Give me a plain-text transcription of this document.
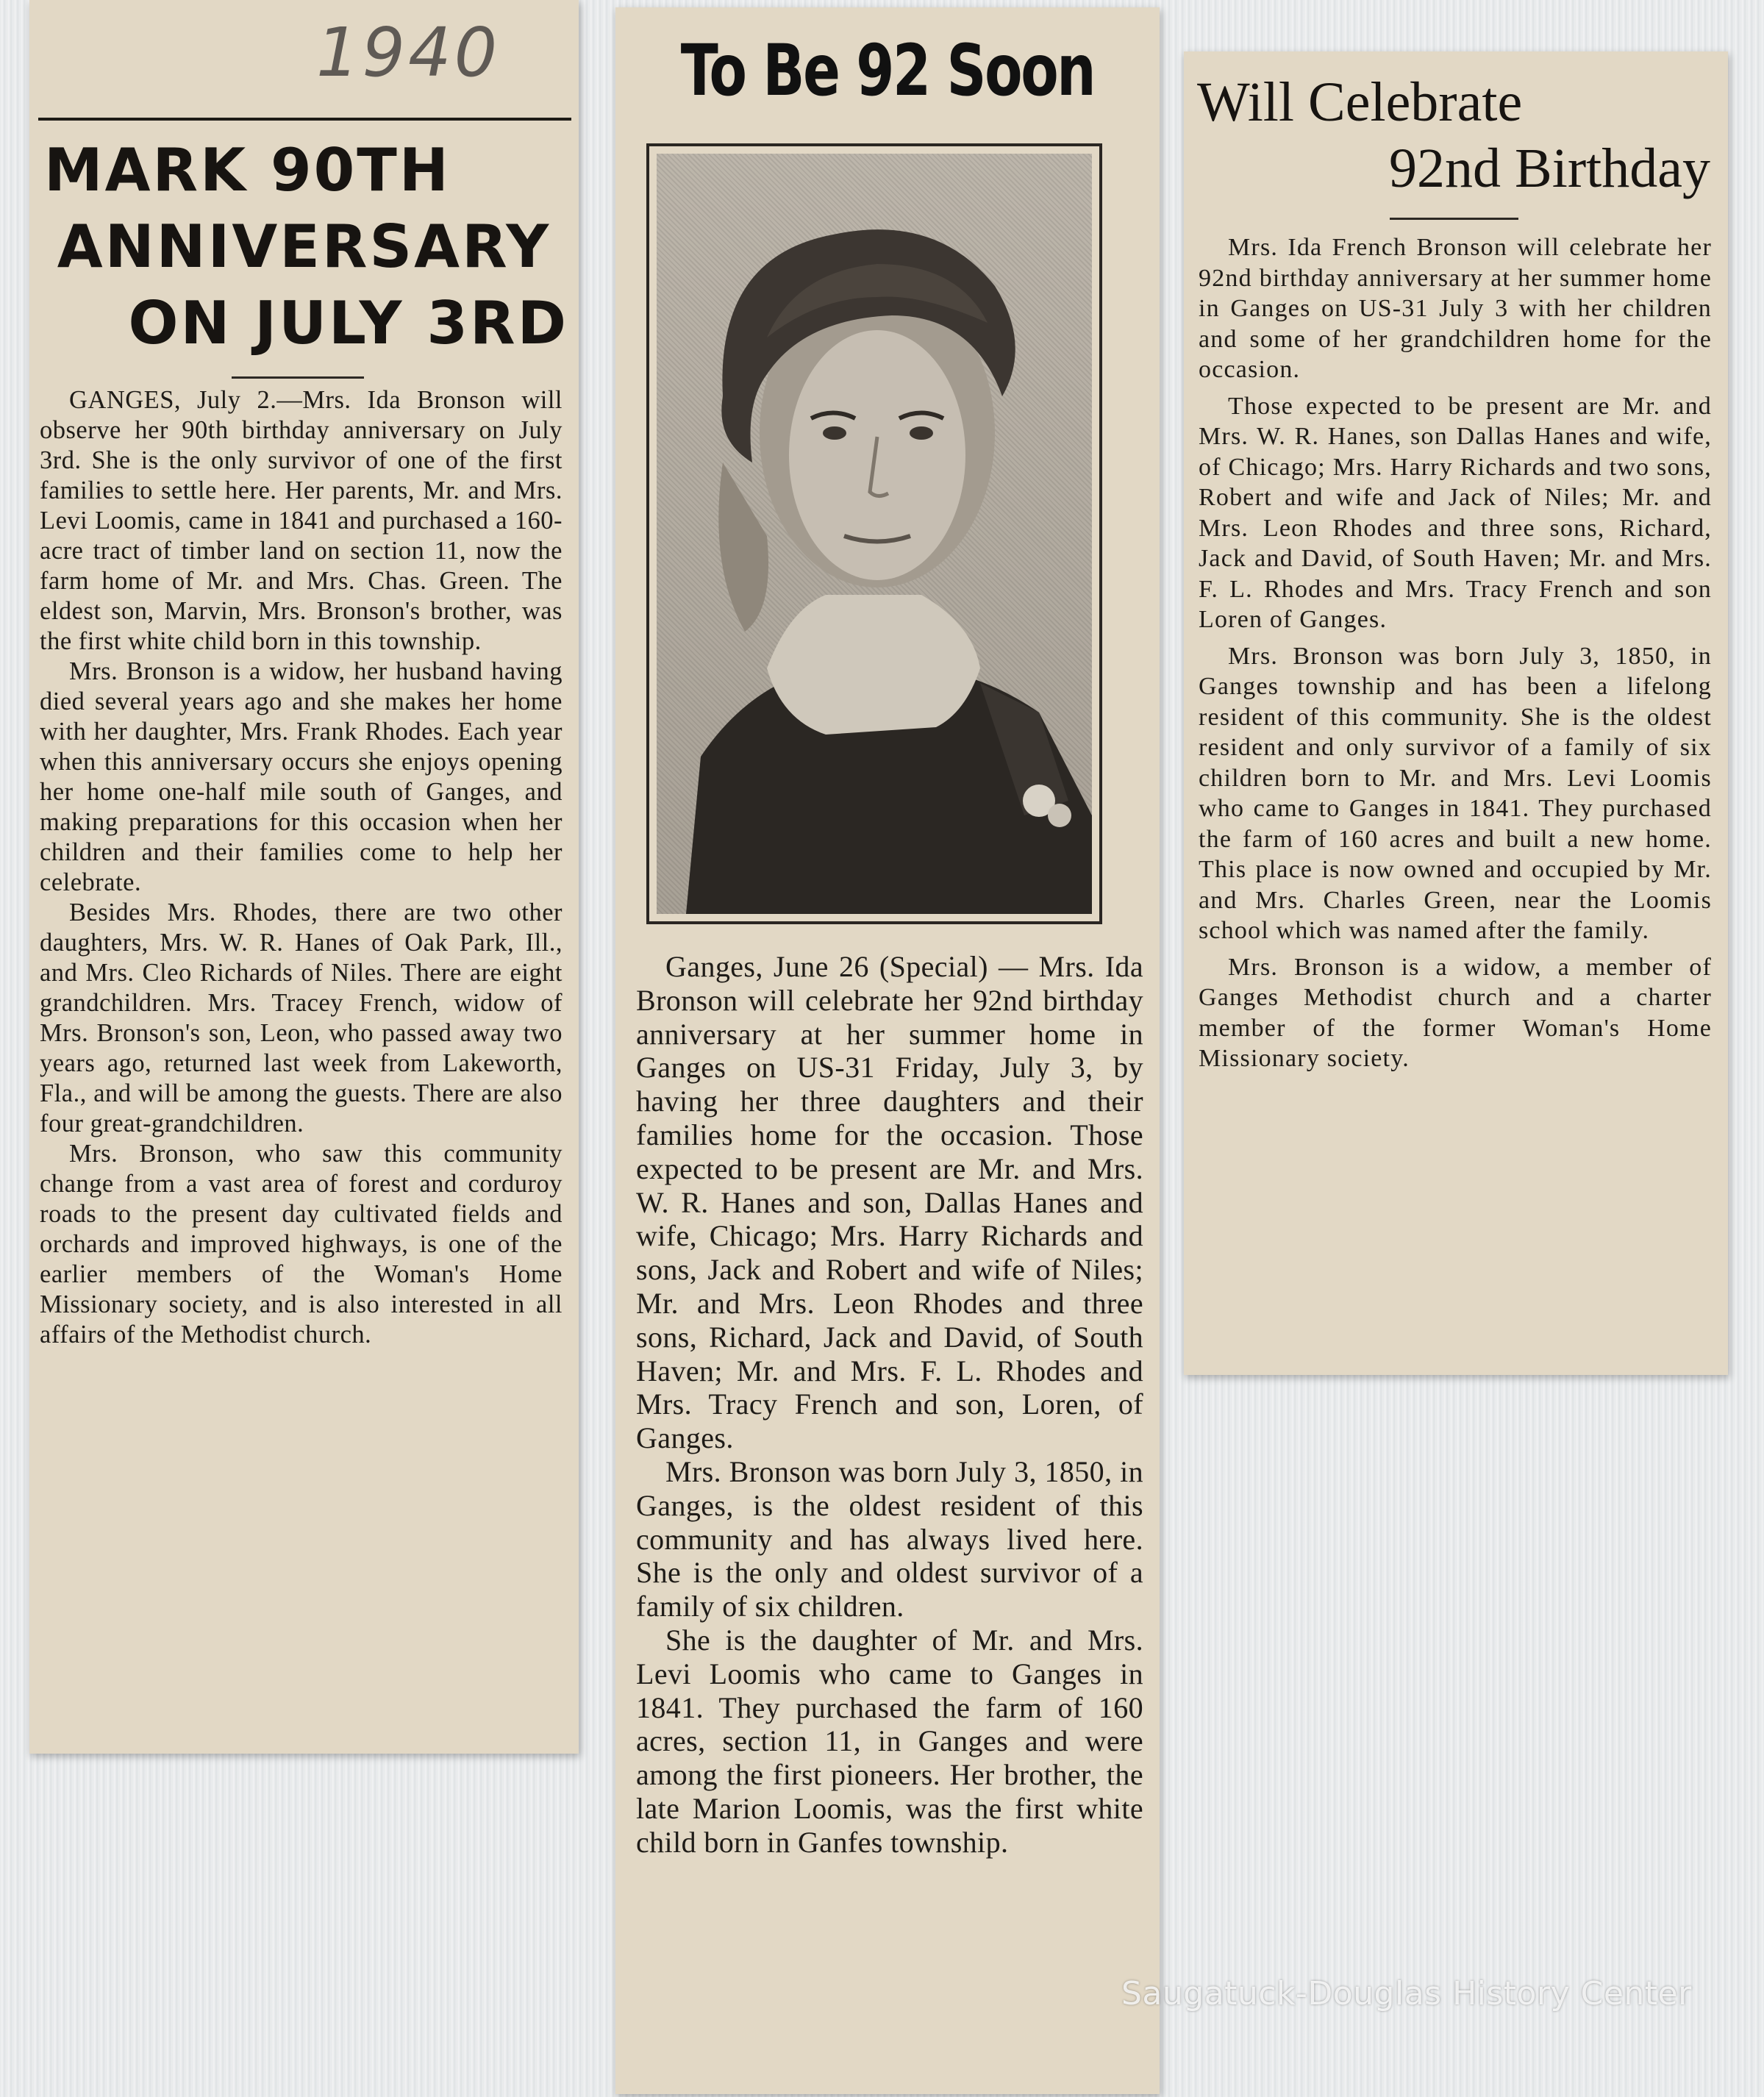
1940
MARK 90TH
ANNIVERSARY
ON JULY 3RD

GANGES, July 2.—Mrs. Ida Bronson will observe her 90th birthday anniversary on July 3rd. She is the only survivor of one of the first families to settle here. Her parents, Mr. and Mrs. Levi Loomis, came in 1841 and purchased a 160-acre tract of timber land on section 11, now the farm home of Mr. and Mrs. Chas. Green. The eldest son, Marvin, Mrs. Bronson's brother, was the first white child born in this township.

Mrs. Bronson is a widow, her husband having died several years ago and she makes her home with her daughter, Mrs. Frank Rhodes. Each year when this anniversary occurs she enjoys opening her home one-half mile south of Ganges, and making preparations for this occasion when her children and their families come to help her celebrate.

Besides Mrs. Rhodes, there are two other daughters, Mrs. W. R. Hanes of Oak Park, Ill., and Mrs. Cleo Richards of Niles. There are eight grandchildren. Mrs. Tracey French, widow of Mrs. Bronson's son, Leon, who passed away two years ago, returned last week from Lakeworth, Fla., and will be among the guests. There are also four great-grandchildren.

Mrs. Bronson, who saw this community change from a vast area of forest and corduroy roads to the present day cultivated fields and orchards and improved highways, is one of the earlier members of the Woman's Home Missionary society, and is also interested in all affairs of the Methodist church.

To Be 92 Soon

Ganges, June 26 (Special) — Mrs. Ida Bronson will celebrate her 92nd birthday anniversary at her summer home in Ganges on US-31 Friday, July 3, by having her three daughters and their families home for the occasion. Those expected to be present are Mr. and Mrs. W. R. Hanes and son, Dallas Hanes and wife, Chicago; Mrs. Harry Richards and sons, Jack and Robert and wife of Niles; Mr. and Mrs. Leon Rhodes and three sons, Richard, Jack and David, of South Haven; Mr. and Mrs. F. L. Rhodes and Mrs. Tracy French and son, Loren, of Ganges.

Mrs. Bronson was born July 3, 1850, in Ganges, is the oldest resident of this community and has always lived here. She is the only and oldest survivor of a family of six children.

She is the daughter of Mr. and Mrs. Levi Loomis who came to Ganges in 1841. They purchased the farm of 160 acres, section 11, in Ganges and were among the first pioneers. Her brother, the late Marion Loomis, was the first white child born in Ganfes township.

Will Celebrate
92nd Birthday

Mrs. Ida French Bronson will celebrate her 92nd birthday anniversary at her summer home in Ganges on US-31 July 3 with her children and some of her grandchildren home for the occasion.

Those expected to be present are Mr. and Mrs. W. R. Hanes, son Dallas Hanes and wife, of Chicago; Mrs. Harry Richards and two sons, Robert and wife and Jack of Niles; Mr. and Mrs. Leon Rhodes and three sons, Richard, Jack and David, of South Haven; Mr. and Mrs. F. L. Rhodes and Mrs. Tracy French and son Loren of Ganges.

Mrs. Bronson was born July 3, 1850, in Ganges township and has been a lifelong resident of this community. She is the oldest resident and only survivor of a family of six children born to Mr. and Mrs. Levi Loomis who came to Ganges in 1841. They purchased the farm of 160 acres and built a new home. This place is now owned and occupied by Mr. and Mrs. Charles Green, near the Loomis school which was named after the family.

Mrs. Bronson is a widow, a member of Ganges Methodist church and a charter member of the former Woman's Home Missionary society.

Saugatuck-Douglas History Center
